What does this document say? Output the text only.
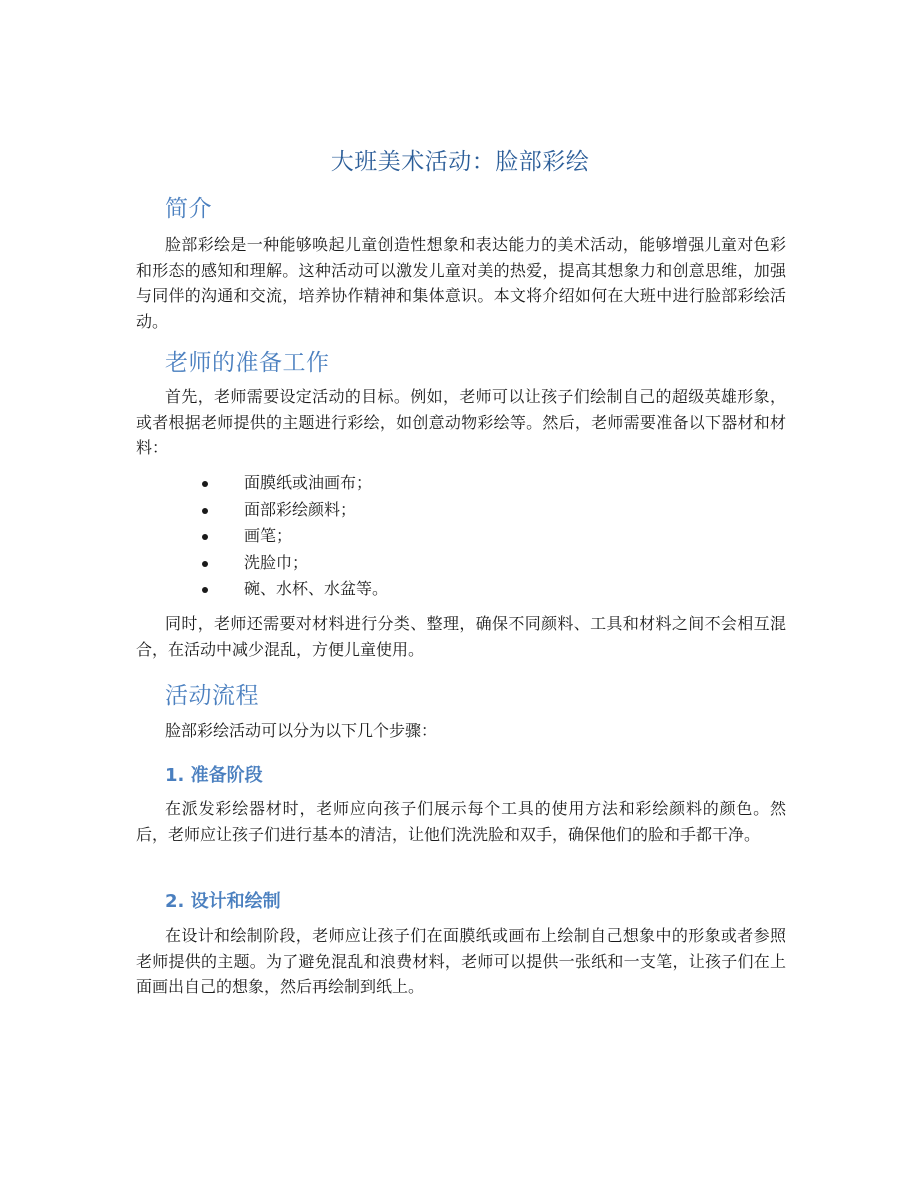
大班美术活动：脸部彩绘
简介

脸部彩绘是一种能够唤起儿童创造性想象和表达能力的美术活动，能够增强儿童对色彩和形态的感知和理解。这种活动可以激发儿童对美的热爱，提高其想象力和创意思维，加强与同伴的沟通和交流，培养协作精神和集体意识。本文将介绍如何在大班中进行脸部彩绘活动。

老师的准备工作

首先，老师需要设定活动的目标。例如，老师可以让孩子们绘制自己的超级英雄形象，或者根据老师提供的主题进行彩绘，如创意动物彩绘等。然后，老师需要准备以下器材和材料：

面膜纸或油画布；
面部彩绘颜料；
画笔；
洗脸巾；
碗、水杯、水盆等。

同时，老师还需要对材料进行分类、整理，确保不同颜料、工具和材料之间不会相互混合，在活动中减少混乱，方便儿童使用。

活动流程

脸部彩绘活动可以分为以下几个步骤：

1. 准备阶段

在派发彩绘器材时，老师应向孩子们展示每个工具的使用方法和彩绘颜料的颜色。然后，老师应让孩子们进行基本的清洁，让他们洗洗脸和双手，确保他们的脸和手都干净。

2. 设计和绘制

在设计和绘制阶段，老师应让孩子们在面膜纸或画布上绘制自己想象中的形象或者参照老师提供的主题。为了避免混乱和浪费材料，老师可以提供一张纸和一支笔，让孩子们在上面画出自己的想象，然后再绘制到纸上。
